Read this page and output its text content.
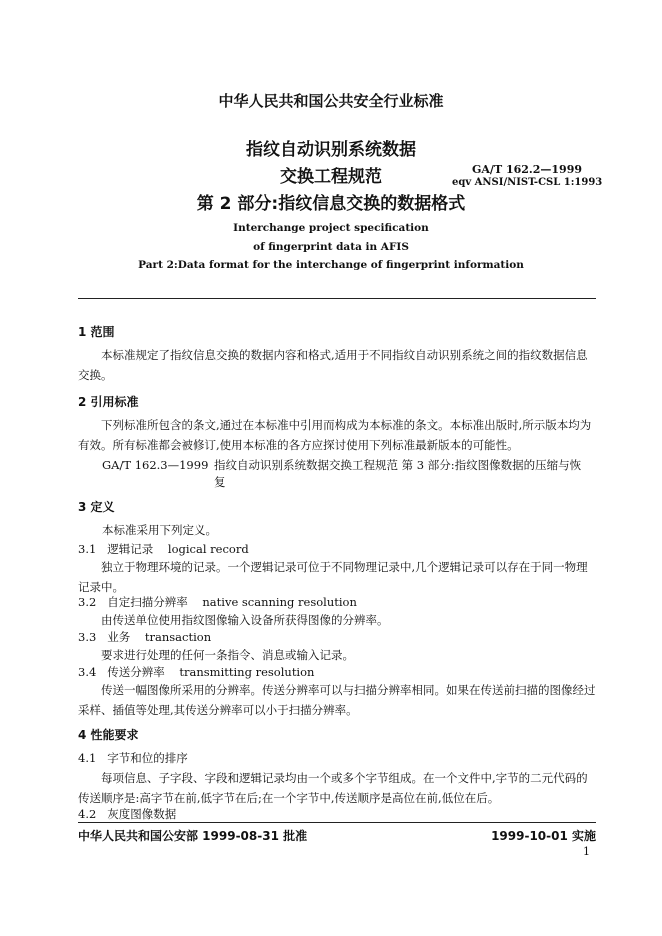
中华人民共和国公共安全行业标准
指纹自动识别系统数据
交换工程规范
第 2 部分:指纹信息交换的数据格式
GA/T 162.2—1999
eqv ANSI/NIST-CSL 1:1993
Interchange project specification
of fingerprint data in AFIS
Part 2:Data format for the interchange of fingerprint information
1 范围
本标准规定了指纹信息交换的数据内容和格式,适用于不同指纹自动识别系统之间的指纹数据信息交换。
2 引用标准
下列标准所包含的条文,通过在本标准中引用而构成为本标准的条文。本标准出版时,所示版本均为有效。所有标准都会被修订,使用本标准的各方应探讨使用下列标准最新版本的可能性。
GA/T 162.3—1999 指纹自动识别系统数据交换工程规范 第 3 部分:指纹图像数据的压缩与恢
复
3 定义
本标准采用下列定义。
3.1 逻辑记录 logical record
独立于物理环境的记录。一个逻辑记录可位于不同物理记录中,几个逻辑记录可以存在于同一物理记录中。
3.2 自定扫描分辨率 native scanning resolution
由传送单位使用指纹图像输入设备所获得图像的分辨率。
3.3 业务 transaction
要求进行处理的任何一条指令、消息或输入记录。
3.4 传送分辨率 transmitting resolution
传送一幅图像所采用的分辨率。传送分辨率可以与扫描分辨率相同。如果在传送前扫描的图像经过采样、插值等处理,其传送分辨率可以小于扫描分辨率。
4 性能要求
4.1 字节和位的排序
每项信息、子字段、字段和逻辑记录均由一个或多个字节组成。在一个文件中,字节的二元代码的传送顺序是:高字节在前,低字节在后;在一个字节中,传送顺序是高位在前,低位在后。
4.2 灰度图像数据
中华人民共和国公安部 1999-08-31 批准	1999-10-01 实施
1
